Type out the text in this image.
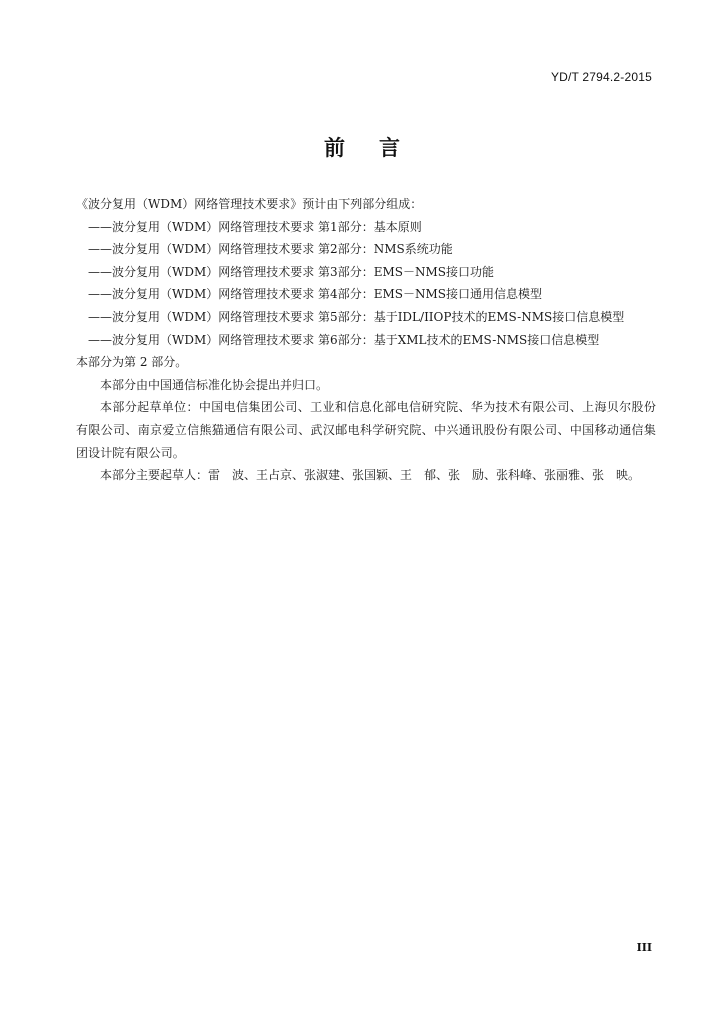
YD/T 2794.2-2015
前言
《波分复用（WDM）网络管理技术要求》预计由下列部分组成：
——波分复用（WDM）网络管理技术要求 第1部分：基本原则
——波分复用（WDM）网络管理技术要求 第2部分：NMS系统功能
——波分复用（WDM）网络管理技术要求 第3部分：EMS－NMS接口功能
——波分复用（WDM）网络管理技术要求 第4部分：EMS－NMS接口通用信息模型
——波分复用（WDM）网络管理技术要求 第5部分：基于IDL/IIOP技术的EMS-NMS接口信息模型
——波分复用（WDM）网络管理技术要求 第6部分：基于XML技术的EMS-NMS接口信息模型
本部分为第 2 部分。
本部分由中国通信标准化协会提出并归口。
本部分起草单位：中国电信集团公司、工业和信息化部电信研究院、华为技术有限公司、上海贝尔股份有限公司、南京爱立信熊猫通信有限公司、武汉邮电科学研究院、中兴通讯股份有限公司、中国移动通信集团设计院有限公司。
本部分主要起草人：雷　波、王占京、张淑建、张国颖、王　郁、张　励、张科峰、张丽雅、张　映。
III
